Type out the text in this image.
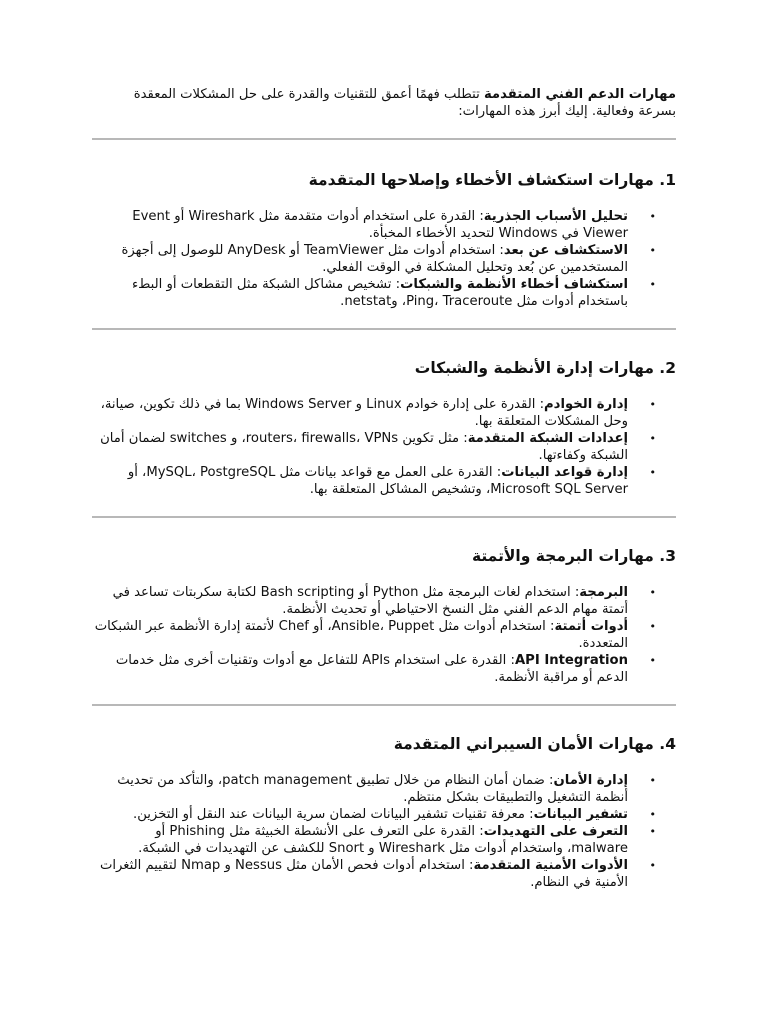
مهارات الدعم الفني المتقدمة تتطلب فهمًا أعمق للتقنيات والقدرة على حل المشكلات المعقدة بسرعة وفعالية. إليك أبرز هذه المهارات:

1. مهارات استكشاف الأخطاء وإصلاحها المتقدمة
•
تحليل الأسباب الجذرية: القدرة على استخدام أدوات متقدمة مثل Wireshark أو Event Viewer في Windows لتحديد الأخطاء المخبأة.
•
الاستكشاف عن بعد: استخدام أدوات مثل TeamViewer أو AnyDesk للوصول إلى أجهزة المستخدمين عن بُعد وتحليل المشكلة في الوقت الفعلي.
•
استكشاف أخطاء الأنظمة والشبكات: تشخيص مشاكل الشبكة مثل التقطعات أو البطء باستخدام أدوات مثل Ping، Traceroute، وnetstat.
2. مهارات إدارة الأنظمة والشبكات
•
إدارة الخوادم: القدرة على إدارة خوادم Linux و Windows Server بما في ذلك تكوين، صيانة، وحل المشكلات المتعلقة بها.
•
إعدادات الشبكة المتقدمة: مثل تكوين routers، firewalls، VPNs، و switches لضمان أمان الشبكة وكفاءتها.
•
إدارة قواعد البيانات: القدرة على العمل مع قواعد بيانات مثل MySQL، PostgreSQL، أو Microsoft SQL Server، وتشخيص المشاكل المتعلقة بها.
3. مهارات البرمجة والأتمتة
•
البرمجة: استخدام لغات البرمجة مثل Python أو Bash scripting لكتابة سكربتات تساعد في أتمتة مهام الدعم الفني مثل النسخ الاحتياطي أو تحديث الأنظمة.
•
أدوات أتمتة: استخدام أدوات مثل Ansible، Puppet، أو Chef لأتمتة إدارة الأنظمة عبر الشبكات المتعددة.
•
API Integration: القدرة على استخدام APIs للتفاعل مع أدوات وتقنيات أخرى مثل خدمات الدعم أو مراقبة الأنظمة.
4. مهارات الأمان السيبراني المتقدمة
•
إدارة الأمان: ضمان أمان النظام من خلال تطبيق patch management، والتأكد من تحديث أنظمة التشغيل والتطبيقات بشكل منتظم.
•
تشفير البيانات: معرفة تقنيات تشفير البيانات لضمان سرية البيانات عند النقل أو التخزين.
•
التعرف على التهديدات: القدرة على التعرف على الأنشطة الخبيثة مثل Phishing أو malware، واستخدام أدوات مثل Wireshark و Snort للكشف عن التهديدات في الشبكة.
•
الأدوات الأمنية المتقدمة: استخدام أدوات فحص الأمان مثل Nessus و Nmap لتقييم الثغرات الأمنية في النظام.
